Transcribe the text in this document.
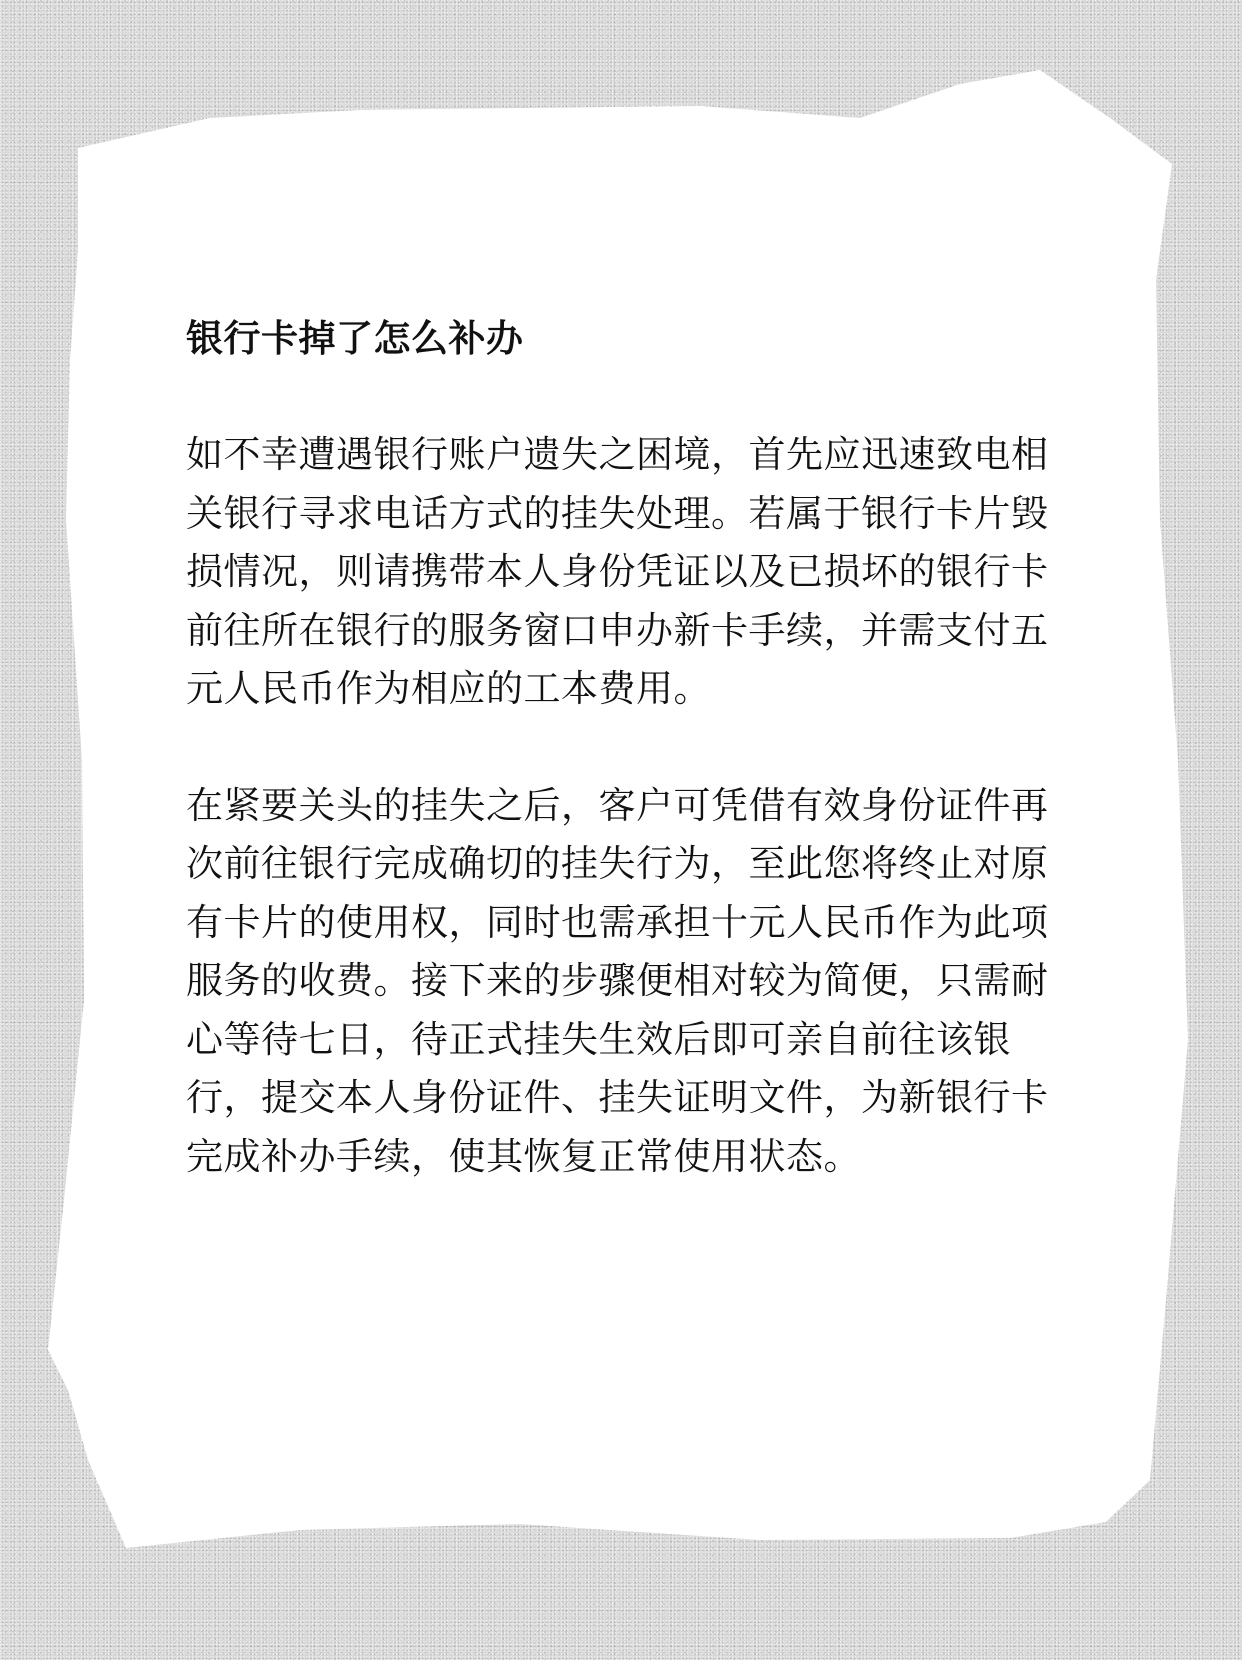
银行卡掉了怎么补办

如不幸遭遇银行账户遗失之困境，首先应迅速致电相关银行寻求电话方式的挂失处理。若属于银行卡片毁损情况，则请携带本人身份凭证以及已损坏的银行卡前往所在银行的服务窗口申办新卡手续，并需支付五元人民币作为相应的工本费用。

在紧要关头的挂失之后，客户可凭借有效身份证件再次前往银行完成确切的挂失行为，至此您将终止对原有卡片的使用权，同时也需承担十元人民币作为此项服务的收费。接下来的步骤便相对较为简便，只需耐心等待七日，待正式挂失生效后即可亲自前往该银行，提交本人身份证件、挂失证明文件，为新银行卡完成补办手续，使其恢复正常使用状态。
